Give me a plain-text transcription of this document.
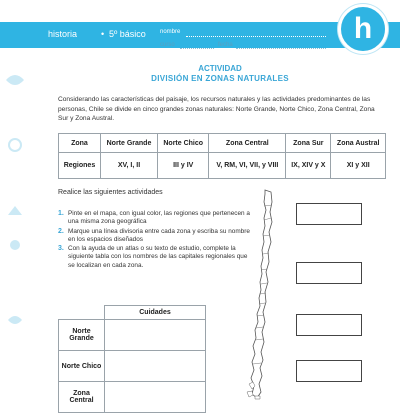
historia	• 5º básico nombre
curso	fecha	h
ACTIVIDAD
DIVISIÓN EN ZONAS NATURALES

Considerando las características del paisaje, los recursos naturales y las actividades predominantes de las personas, Chile se divide en cinco grandes zonas naturales: Norte Grande, Norte Chico, Zona Central, Zona Sur y Zona Austral.

Zona	Norte Grande	Norte Chico	Zona Central	Zona Sur	Zona Austral
Regiones	XV, I, II	III y IV	V, RM, VI, VII, y VIII	IX, XIV y X	XI y XII
Realice las siguientes actividades
1. Pinte en el mapa, con igual color, las regiones que pertenecen a una misma zona geográfica
2. Marque una línea divisoria entre cada zona y escriba su nombre en los espacios diseñados
3. Con la ayuda de un atlas o su texto de estudio, complete la siguiente tabla con los nombres de las capitales regionales que se localizan en cada zona.
	Cuidades
Norte Grande	
Norte Chico	
Zona Central	
